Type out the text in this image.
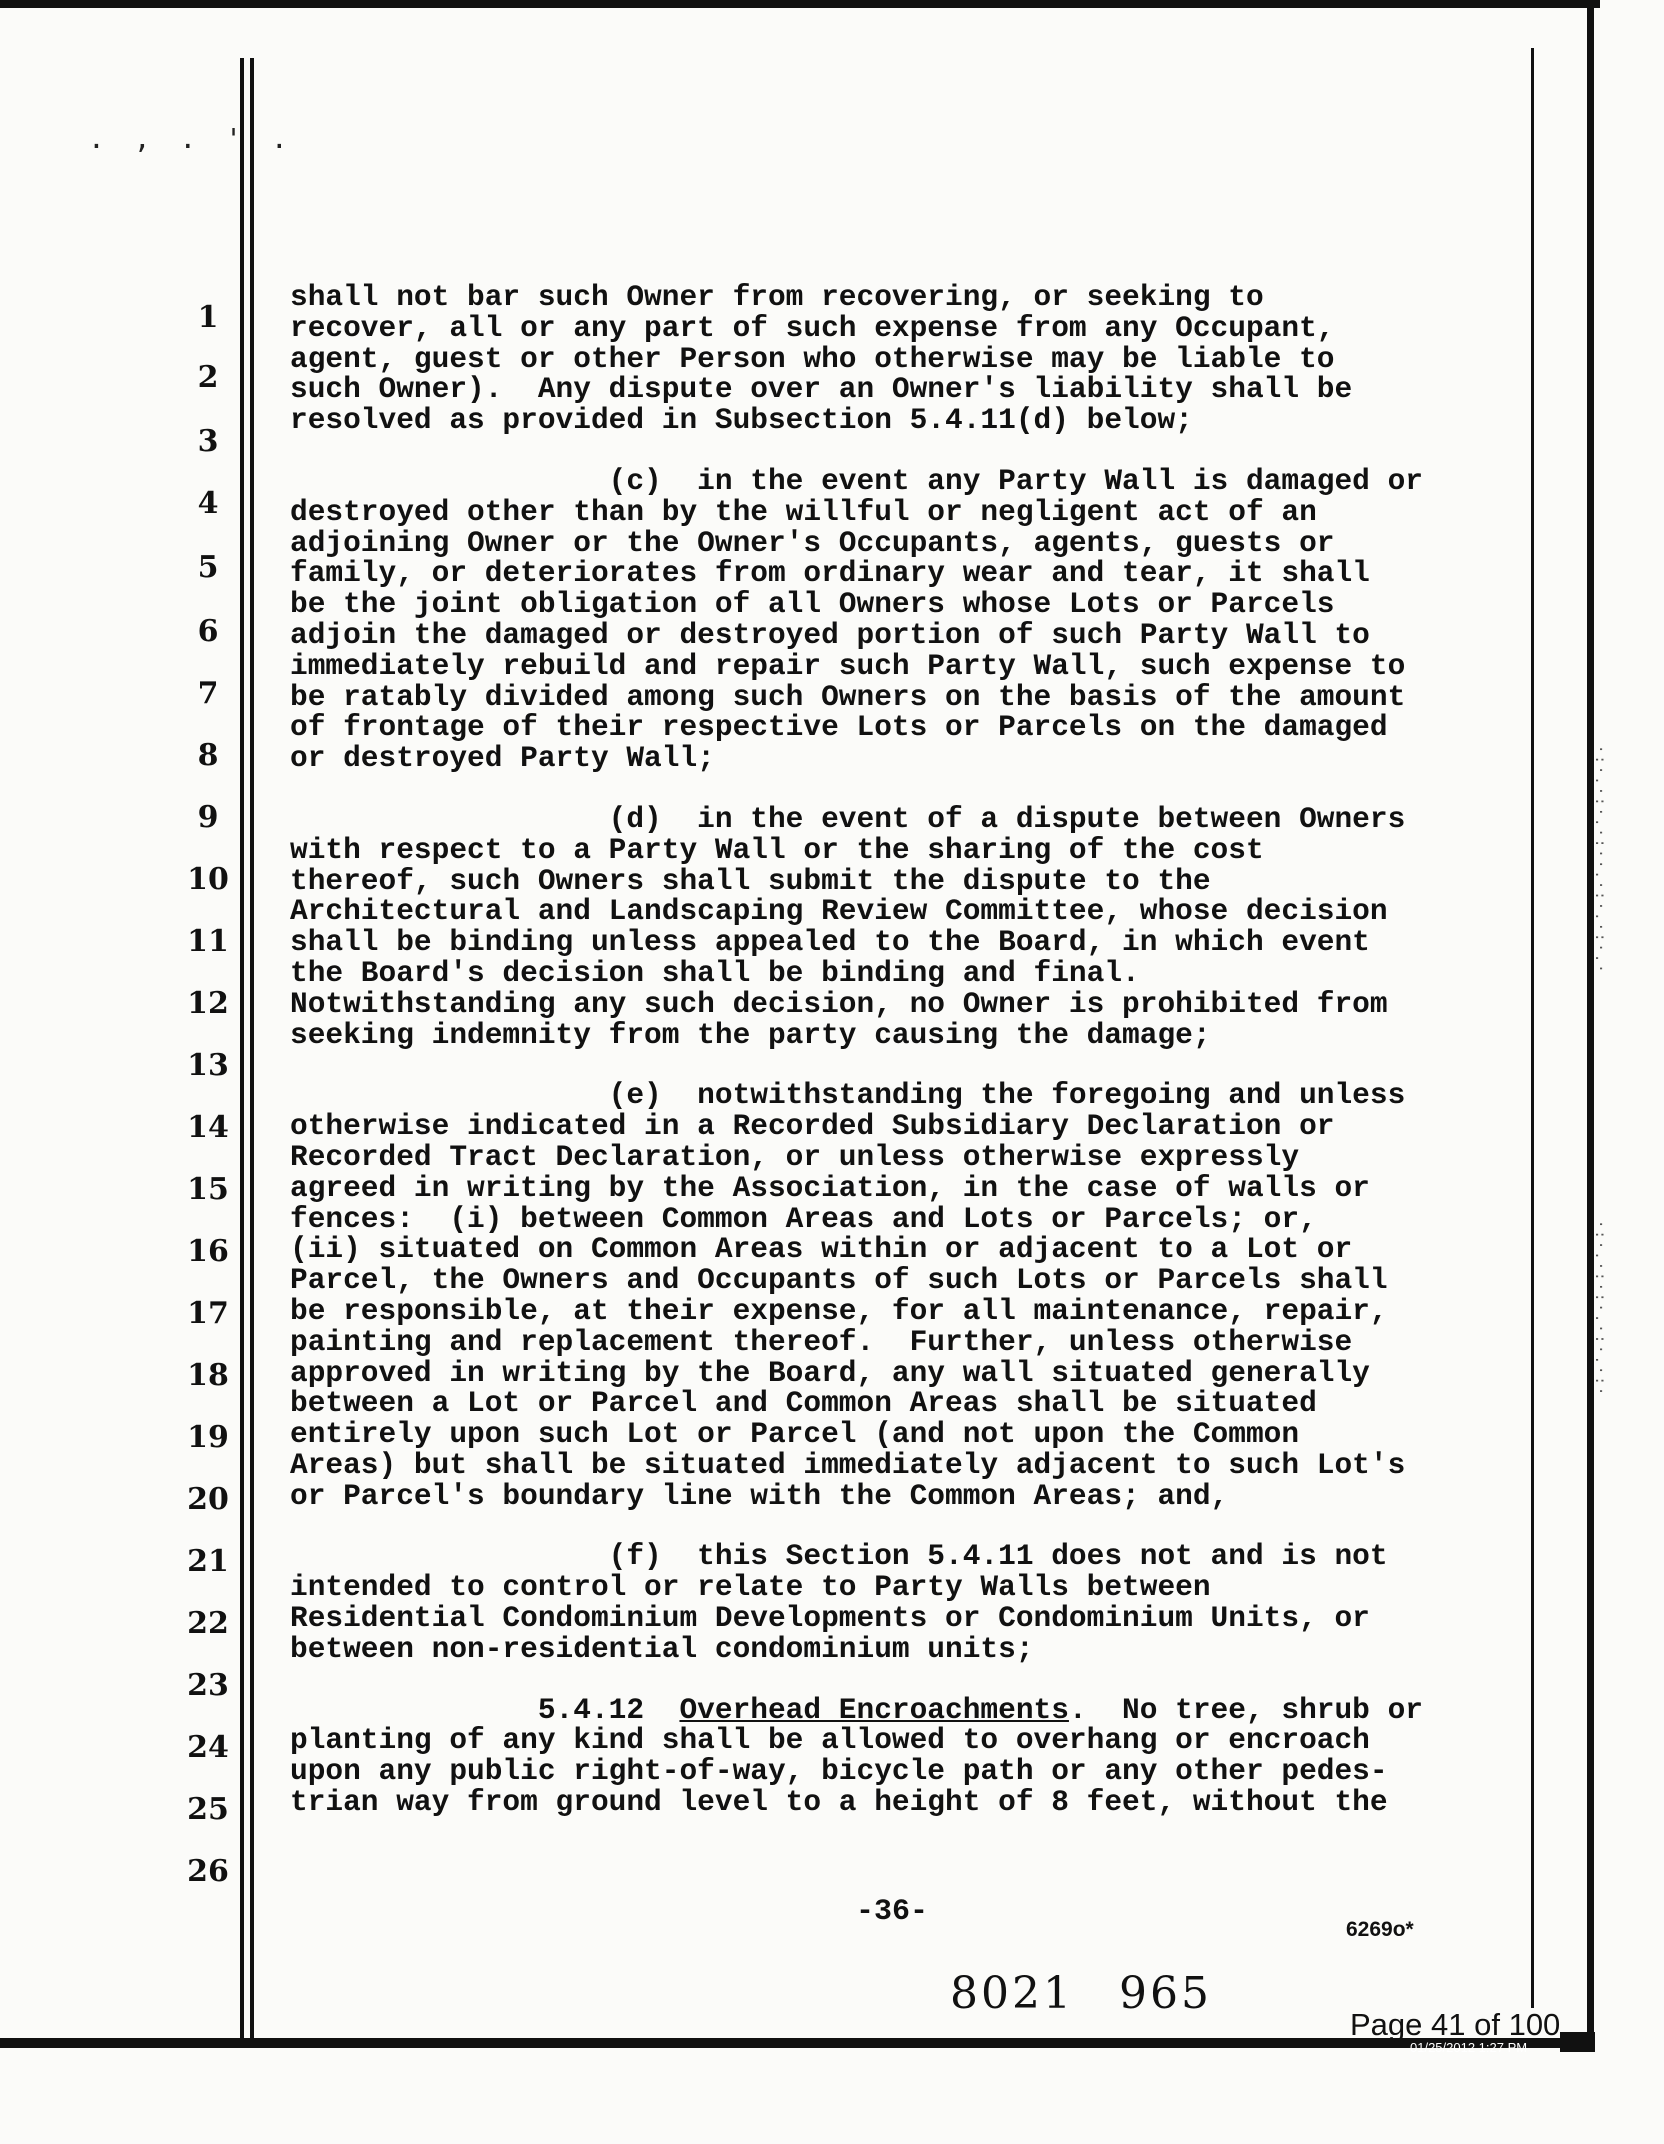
. , . ' .
·:·.·:·.·:·
·.·:·.·:·.·
·:·.·:·:·.·:·.·:·
1
2
3
4
5
6
7
8
9
10
11
12
13
14
15
16
17
18
19
20
21
22
23
24
25
26

shall not bar such Owner from recovering, or seeking to

recover, all or any part of such expense from any Occupant,

agent, guest or other Person who otherwise may be liable to

such Owner).  Any dispute over an Owner's liability shall be

resolved as provided in Subsection 5.4.11(d) below;

(c)  in the event any Party Wall is damaged or

destroyed other than by the willful or negligent act of an

adjoining Owner or the Owner's Occupants, agents, guests or

family, or deteriorates from ordinary wear and tear, it shall

be the joint obligation of all Owners whose Lots or Parcels

adjoin the damaged or destroyed portion of such Party Wall to

immediately rebuild and repair such Party Wall, such expense to

be ratably divided among such Owners on the basis of the amount

of frontage of their respective Lots or Parcels on the damaged

or destroyed Party Wall;

(d)  in the event of a dispute between Owners

with respect to a Party Wall or the sharing of the cost

thereof, such Owners shall submit the dispute to the

Architectural and Landscaping Review Committee, whose decision

shall be binding unless appealed to the Board, in which event

the Board's decision shall be binding and final.

Notwithstanding any such decision, no Owner is prohibited from

seeking indemnity from the party causing the damage;

(e)  notwithstanding the foregoing and unless

otherwise indicated in a Recorded Subsidiary Declaration or

Recorded Tract Declaration, or unless otherwise expressly

agreed in writing by the Association, in the case of walls or

fences:  (i) between Common Areas and Lots or Parcels; or,

(ii) situated on Common Areas within or adjacent to a Lot or

Parcel, the Owners and Occupants of such Lots or Parcels shall

be responsible, at their expense, for all maintenance, repair,

painting and replacement thereof.  Further, unless otherwise

approved in writing by the Board, any wall situated generally

between a Lot or Parcel and Common Areas shall be situated

entirely upon such Lot or Parcel (and not upon the Common

Areas) but shall be situated immediately adjacent to such Lot's

or Parcel's boundary line with the Common Areas; and,

(f)  this Section 5.4.11 does not and is not

intended to control or relate to Party Walls between

Residential Condominium Developments or Condominium Units, or

between non-residential condominium units;

5.4.12  Overhead Encroachments.  No tree, shrub or

planting of any kind shall be allowed to overhang or encroach

upon any public right-of-way, bicycle path or any other pedes-

trian way from ground level to a height of 8 feet, without the

-36-
6269o*
8021 965
Page 41 of 100
01/25/2012 1:27 PM
